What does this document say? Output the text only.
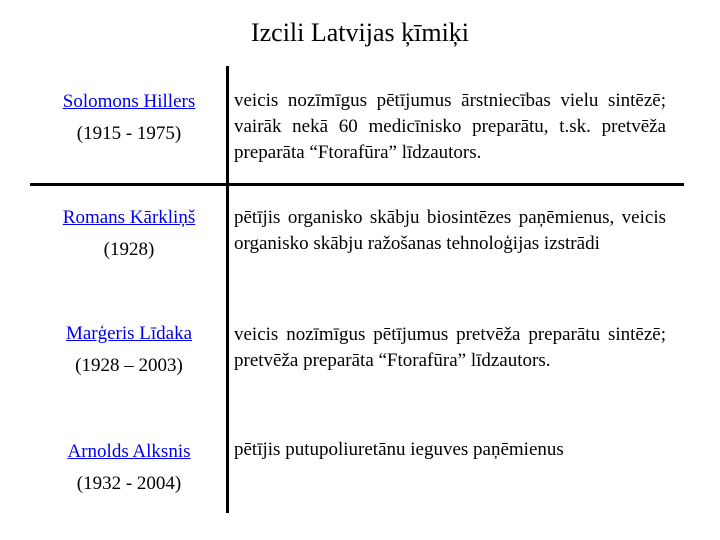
Izcili Latvijas ķīmiķi
Solomons Hillers
(1915 - 1975)
veicis nozīmīgus pētījumus ārstniecības vielu sintēzē; vairāk nekā 60 medicīnisko preparātu, t.sk. pretvēža preparāta “Ftorafūra” līdzautors.
Romans Kārkliņš
(1928)
pētījis organisko skābju biosintēzes paņēmienus, veicis organisko skābju ražošanas tehnoloģijas izstrādi
Marģeris Līdaka
(1928 – 2003)
veicis nozīmīgus pētījumus pretvēža preparātu sintēzē; pretvēža preparāta “Ftorafūra” līdzautors.
Arnolds Alksnis
(1932 - 2004)
pētījis putupoliuretānu ieguves paņēmienus
